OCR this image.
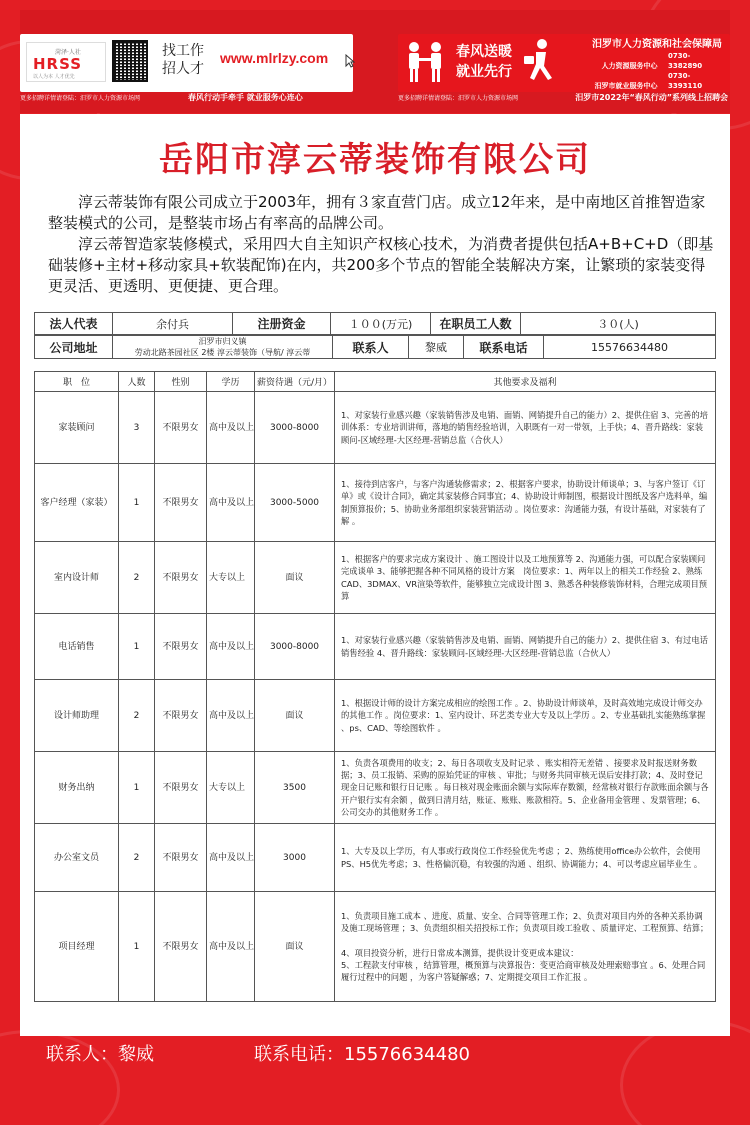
菏泽·人社
HRSS
以人为本 人才优先
找工作
招人才
www.mlrlzy.com	春风送暖
就业先行
汨罗市人力资源和社会保障局
人力资源服务中心 0730-3382890
汨罗市就业服务中心 0730-3393110
更多招聘详情请登陆：汨罗市人力资源市场网	春风行动手牵手 就业服务心连心	更多招聘详情请登陆：汨罗市人力资源市场网	汨罗市2022年“春风行动”系列线上招聘会
岳阳市淳云蒂装饰有限公司

淳云蒂装饰有限公司成立于2003年，拥有３家直营门店。成立12年来，是中南地区首推智造家整装模式的公司，是整装市场占有率高的品牌公司。

淳云蒂智造家装修模式，采用四大自主知识产权核心技术，为消费者提供包括A+B+C+D（即基础装修+主材+移动家具+软装配饰)在内，共200多个节点的智能全装解决方案，让繁琐的家装变得更灵活、更透明、更便捷、更合理。

法人代表	余付兵	注册资金	１００(万元)	在职员工人数	３０(人)
公司地址	汨罗市归义镇
劳动北路茶园社区 2楼 淳云蒂装饰（导航/ 淳云蒂	联系人	黎威	联系电话	15576634480
职　位	人数	性别	学历	薪资待遇（元/月）	其他要求及福利
家装顾问	3	不限男女	高中及以上	3000-8000	1、对家装行业感兴趣（家装销售涉及电销、面销、网销提升自己的能力）2、提供住宿 3、完善的培训体系：专业培训讲师，落地的销售经验培训，入职既有一对一带领，上手快；4、晋升路线：家装顾问-区域经理-大区经理-营销总监（合伙人）
客户经理（家装）	1	不限男女	高中及以上	3000-5000	1、接待到店客户，与客户沟通装修需求；2、根据客户要求，协助设计师谈单；3、与客户签订《订单》或《设计合同》，确定其家装修合同事宜；4、协助设计师制图，根据设计图纸及客户选料单，编制预算报价；5、协助业务部组织家装营销活动 。岗位要求：沟通能力强，有设计基础，对家装有了解 。
室内设计师	2	不限男女	大专以上	面议	1、根据客户的要求完成方案设计 、施工图设计以及工地预算等 2、沟通能力强，可以配合家装顾问完成谈单 3、能够把握各种不同风格的设计方案　岗位要求：1、两年以上的相关工作经验 2、熟练CAD、3DMAX、VR渲染等软件，能够独立完成设计图 3、熟悉各种装修装饰材料，合理完成项目预算
电话销售	1	不限男女	高中及以上	3000-8000	1、对家装行业感兴趣（家装销售涉及电销、面销、网销提升自己的能力）2、提供住宿 3、有过电话销售经验 4、晋升路线：家装顾问-区域经理-大区经理-营销总监（合伙人）
设计师助理	2	不限男女	高中及以上	面议	1、根据设计师的设计方案完成相应的绘图工作 。2、协助设计师谈单，及时高效地完成设计师交办的其他工作 。岗位要求：1、室内设计、环艺类专业大专及以上学历 。2、专业基础扎实能熟练掌握 、ps、CAD、等绘图软件 。
财务出纳	1	不限男女	大专以上	3500	1、负责各项费用的收支；2、每日各项收支及时记录 、账实相符无差错 、接要求及时报送财务数据；3、员工报销、采购的原始凭证的审核 、审批；与财务共同审核无误后安排打款；4、及时登记现金日记账和银行日记账 。每日核对现金账面余额与实际库存数额，经常核对银行存款账面余额与各开户银行实有余额 ，做到日清月结，账证、账账、账款相符。5、企业备用金管理 、发票管理；6、公司交办的其他财务工作 。
办公室文员	2	不限男女	高中及以上	3000	1、大专及以上学历，有人事或行政岗位工作经验优先考虑 ；2、熟练使用office办公软件，会使用PS、H5优先考虑；3、性格偏沉稳，有较强的沟通 、组织、协调能力；4、可以考虑应届毕业生 。
项目经理	1	不限男女	高中及以上	面议	1、负责项目施工成本 、进度、质量、安全、合同等管理工作；2、负责对项目内外的各种关系协调及施工现场管理 ；3、负责组织相关招投标工作；负责项目竣工验收 、质量评定、工程预算、结算；

4、项目投资分析，进行日常成本测算，提供设计变更成本建议：
5、工程款支付审核 ，结算管理，概预算与决算报告：变更洽商审核及处理索赔事宜 。6、处理合同履行过程中的问题 ，为客户答疑解惑；7、定期提交项目工作汇报 。
联系人：黎威	联系电话：15576634480
